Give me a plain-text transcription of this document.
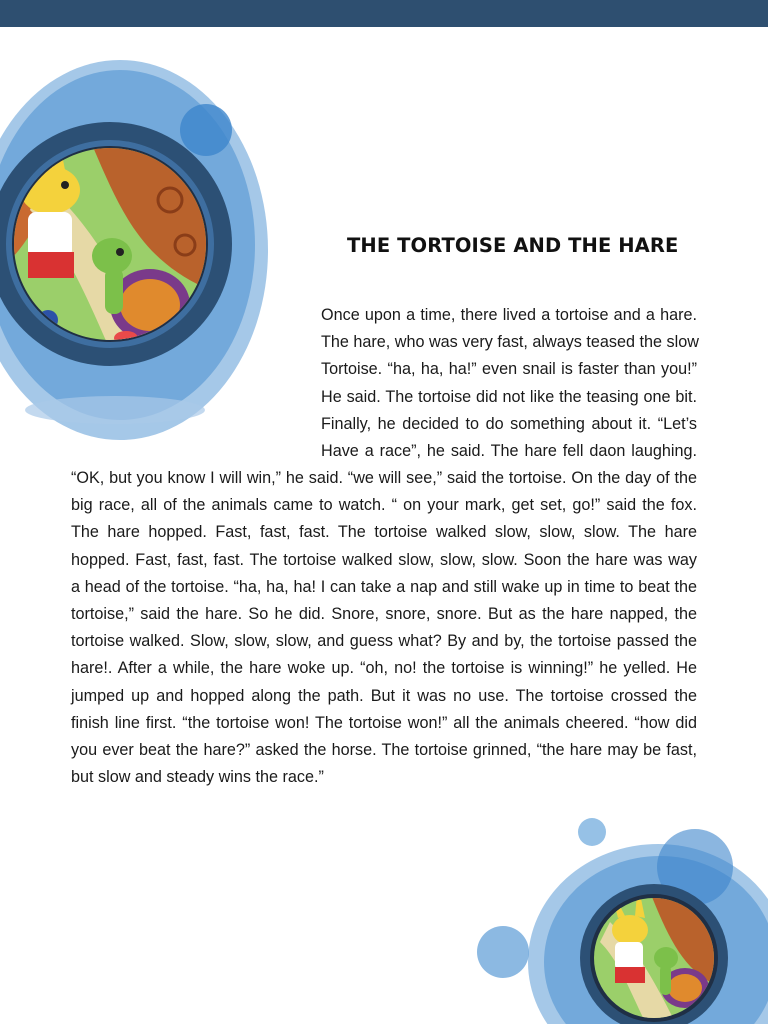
THE TORTOISE AND THE HARE
Once upon a time, there lived a tortoise and a hare.
The hare, who was very fast, always teased the slow
Tortoise. “ha, ha, ha!” even snail is faster than you!”
He said. The tortoise did not like the teasing one bit.
Finally, he decided to do something about it. “Let’s
Have a race”, he said. The hare fell daon laughing.
“OK, but you know I will win,” he said. “we will see,” said the tortoise. On the day of the
big race, all of the animals came to watch. “ on your mark, get set, go!” said the fox.
The hare hopped. Fast, fast, fast. The tortoise walked slow, slow, slow. The hare
hopped. Fast, fast, fast. The tortoise walked slow, slow, slow. Soon the hare was way
a head of the tortoise. “ha, ha, ha! I can take a nap and still wake up in time to beat the
tortoise,” said the hare. So he did. Snore, snore, snore. But as the hare napped, the
tortoise walked. Slow, slow, slow, and guess what? By and by, the tortoise passed the
hare!. After a while, the hare woke up. “oh, no! the tortoise is winning!” he yelled. He
jumped up and hopped along the path. But it was no use. The tortoise crossed the
finish line first. “the tortoise won! The tortoise won!” all the animals cheered. “how did
you ever beat the hare?” asked the horse. The tortoise grinned, “the hare may be fast,
but slow and steady wins the race.”
